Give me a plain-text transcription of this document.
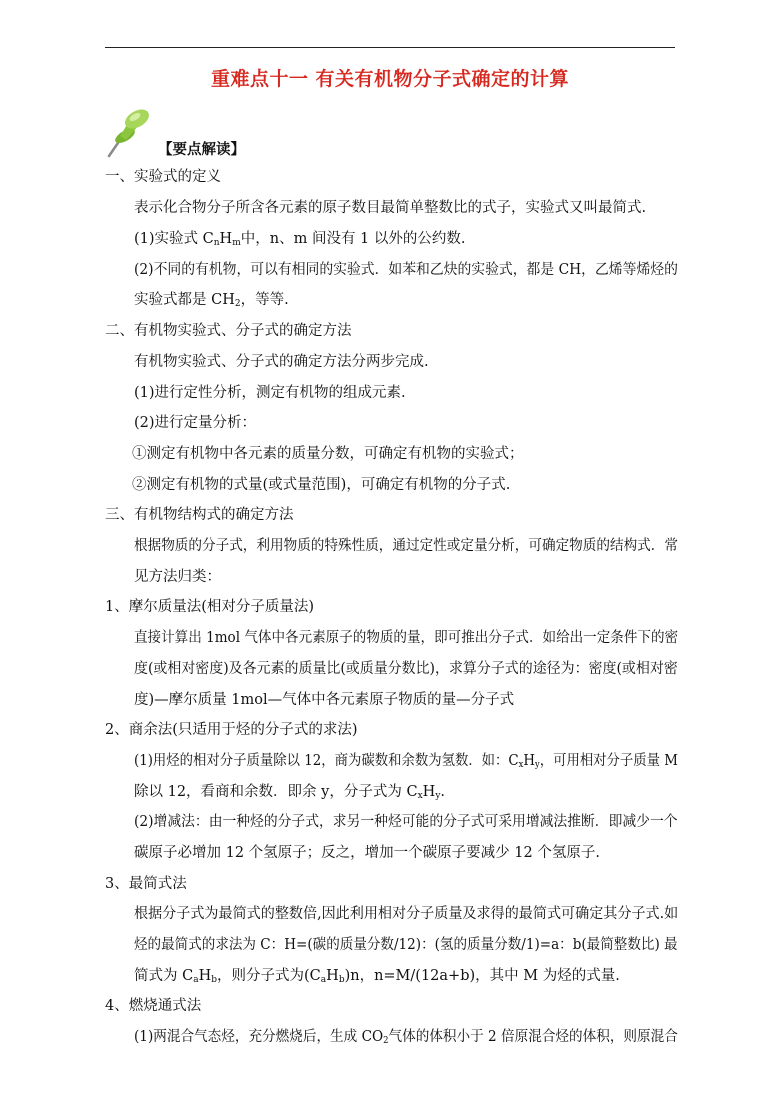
重难点十一 有关有机物分子式确定的计算
【要点解读】
一、实验式的定义
表示化合物分子所含各元素的原子数目最简单整数比的式子，实验式又叫最简式.
(1)实验式 $C_nH_m$中，n、m 间没有 1 以外的公约数.
(2)不同的有机物，可以有相同的实验式．如苯和乙炔的实验式，都是 CH，乙烯等烯烃的
实验式都是 $CH_2$，等等.
二、有机物实验式、分子式的确定方法
有机物实验式、分子式的确定方法分两步完成.
(1)进行定性分析，测定有机物的组成元素.
(2)进行定量分析：
①测定有机物中各元素的质量分数，可确定有机物的实验式；
②测定有机物的式量(或式量范围)，可确定有机物的分子式.
三、有机物结构式的确定方法
根据物质的分子式，利用物质的特殊性质，通过定性或定量分析，可确定物质的结构式．常
见方法归类：
1、摩尔质量法(相对分子质量法)
直接计算出 1mol 气体中各元素原子的物质的量，即可推出分子式．如给出一定条件下的密
度(或相对密度)及各元素的质量比(或质量分数比)，求算分子式的途径为：密度(或相对密
度)—摩尔质量 1mol—气体中各元素原子物质的量—分子式
2、商余法(只适用于烃的分子式的求法)
(1)用烃的相对分子质量除以 12，商为碳数和余数为氢数．如：$C_xH_y$，可用相对分子质量 M
除以 12，看商和余数．即余 y，分子式为 $C_xH_y$.
(2)增减法：由一种烃的分子式，求另一种烃可能的分子式可采用增减法推断．即减少一个
碳原子必增加 12 个氢原子；反之，增加一个碳原子要减少 12 个氢原子.
3、最简式法
根据分子式为最简式的整数倍,因此利用相对分子质量及求得的最简式可确定其分子式.如
烃的最简式的求法为 C：H=(碳的质量分数/12)：(氢的质量分数/1)=a：b(最简整数比) 最
简式为 $C_aH_b$，则分子式为$(C_aH_b)n$，n=M/(12a+b)，其中 M 为烃的式量.
4、燃烧通式法
(1)两混合气态烃，充分燃烧后，生成 $CO_2$气体的体积小于 2 倍原混合烃的体积，则原混合
